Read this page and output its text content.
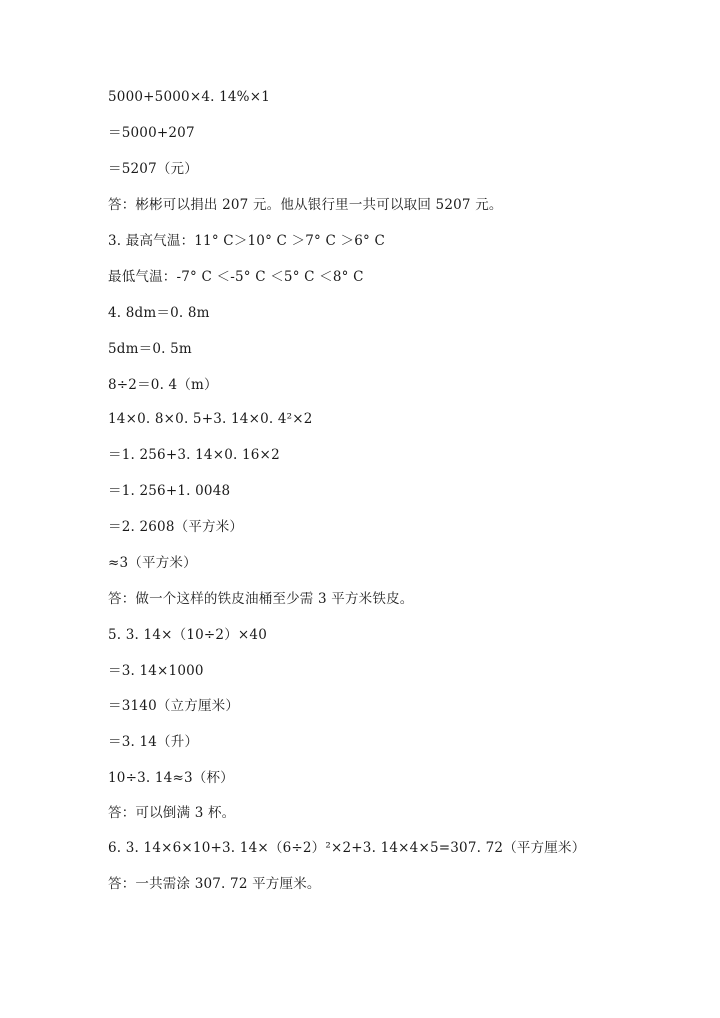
5000+5000×4. 14%×1
＝5000+207
＝5207（元）
答：彬彬可以捐出 207 元。他从银行里一共可以取回 5207 元。
3. 最高气温：11° C＞10° C ＞7° C ＞6° C
最低气温：-7° C ＜-5° C ＜5° C ＜8° C
4. 8dm＝0. 8m
5dm＝0. 5m
8÷2＝0. 4（m）
14×0. 8×0. 5+3. 14×0. 4²×2
＝1. 256+3. 14×0. 16×2
＝1. 256+1. 0048
＝2. 2608（平方米）
≈3（平方米）
答：做一个这样的铁皮油桶至少需 3 平方米铁皮。
5. 3. 14×（10÷2）×40
＝3. 14×1000
＝3140（立方厘米）
＝3. 14（升）
10÷3. 14≈3（杯）
答：可以倒满 3 杯。
6. 3. 14×6×10+3. 14×（6÷2）²×2+3. 14×4×5=307. 72（平方厘米）
答：一共需涂 307. 72 平方厘米。
